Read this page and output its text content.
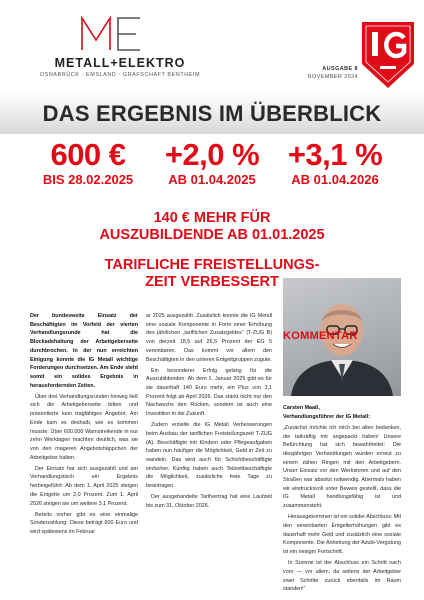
METALL+ELEKTRO
OSNABRÜCK · EMSLAND · GRAFSCHAFT BENTHEIM
AUSGABE 8
NOVEMBER 2024
DAS ERGEBNIS IM ÜBERBLICK
600 €
BIS 28.02.2025
+2,0 %
AB 01.04.2025
+3,1 %
AB 01.04.2026
140 € MEHR FÜR
AUSZUBILDENDE AB 01.01.2025
TARIFLICHE FREISTELLUNGS-
ZEIT VERBESSERT

Der bundesweite Einsatz der Beschäftigten im Vorfeld der vierten Verhandlungsrunde hat die Blockadehaltung der Arbeitgeberseite durchbrochen. In der nun erreichten Einigung konnte die IG Metall wichtige Forderungen durchsetzen. Am Ende steht somit ein solides Ergebnis in herausfordernden Zeiten.

Über drei Verhandlungsrunden hinweg ließ sich die Arbeitgeberseite bitten und präsentierte kein tragfähiges Angebot. Am Ende kam es deshalb, wie es kommen musste: Über 600.000 Warnstreikende in nur zehn Werktagen machten deutlich, was sie von den mageren Angebotshäppchen der Arbeitgeber halten.

Der Einsatz hat sich ausgezahlt und am Verhandlungstisch ein Ergebnis herbeigeführt: Ab dem 1. April 2025 steigen die Entgelte um 2,0 Prozent. Zum 1. April 2026 steigen sie um weitere 3,1 Prozent.

Bereits vorher gibt es eine einmalige Sonderzahlung: Diese beträgt 600 Euro und wird spätestens im Februar

ar 2025 ausgezahlt. Zusätzlich konnte die IG Metall eine soziale Komponente in Form einer Erhöhung des jährlichen „tariflichen Zusatzgeldes“ (T-ZUG B) von derzeit 18,5 auf 26,5 Prozent der EG 5 vereinbaren. Das kommt vor allem den Beschäftigten in den unteren Entgeltgruppen zugute.

Ein besonderer Erfolg gelang für die Auszubildenden: Ab dem 1. Januar 2025 gibt es für sie dauerhaft 140 Euro mehr, ein Plus von 3,1 Prozent folgt ab April 2026. Das stärkt nicht nur den Nachwuchs den Rücken, sondern ist auch eine Investition in die Zukunft.

Zudem erzielte die IG Metall Verbesserungen beim Ausbau der tariflichen Freistellungszeit T-ZUG (A). Beschäftigte mit Kindern oder Pflegeaufgaben haben nun häufiger die Möglichkeit, Geld in Zeit zu wandeln. Das wird auch für Schichtbeschäftigte einfacher. Künftig haben auch Teilzeitbeschäftigte die Möglichkeit, zusätzliche freie Tage zu beantragen.

Der ausgehandelte Tarifvertrag hat eine Laufzeit bis zum 31. Oktober 2026.

KOMMENTAR

Carsten Maaß,

Verhandlungsführer der IG Metall:

„Zunächst möchte ich mich bei allen bedanken, die tatkräftig mit angepackt haben! Unsere Befürchtung hat sich bewahrheitet: Die diesjährigen Verhandlungen wurden erneut zu einem zähen Ringen mit den Arbeitgebern. Unser Einsatz vor den Werkstoren und auf den Straßen war absolut notwendig. Abermals haben wir eindrucksvoll unter Beweis gestellt, dass die IG Metall handlungsfähig ist und zusammensteht.

Herausgekommen ist ein solider Abschluss: Mit den vereinbarten Entgelterhöhungen gibt es dauerhaft mehr Geld und zusätzlich eine soziale Komponente. Die Anhebung der Azubi-Vergütung ist ein riesiger Fortschritt.

In Summe ist der Abschluss ein Schritt nach vorn — vor allem, da seitens der Arbeitgeber zwei Schritte zurück ebenfalls im Raum standen!“
